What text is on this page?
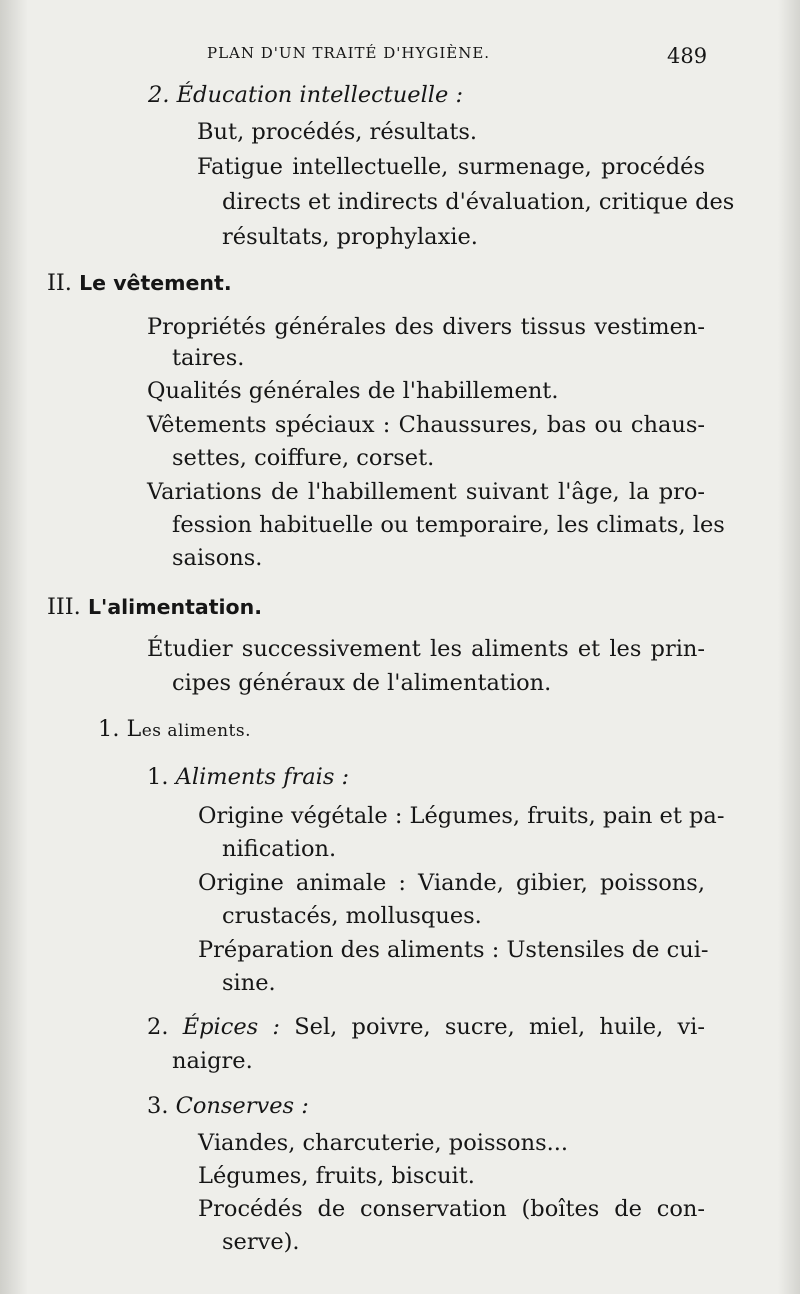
PLAN D'UN TRAITÉ D'HYGIÈNE.	489
2. Éducation intellectuelle :
But, procédés, résultats.
Fatigue intellectuelle, surmenage, procédés
directs et indirects d'évaluation, critique des
résultats, prophylaxie.
II. Le vêtement.
Propriétés générales des divers tissus vestimen-
taires.
Qualités générales de l'habillement.
Vêtements spéciaux : Chaussures, bas ou chaus-
settes, coiffure, corset.
Variations de l'habillement suivant l'âge, la pro-
fession habituelle ou temporaire, les climats, les
saisons.
III. L'alimentation.
Étudier successivement les aliments et les prin-
cipes généraux de l'alimentation.
1. Les aliments.
1. Aliments frais :
Origine végétale : Légumes, fruits, pain et pa-
nification.
Origine animale : Viande, gibier, poissons,
crustacés, mollusques.
Préparation des aliments : Ustensiles de cui-
sine.
2. Épices : Sel, poivre, sucre, miel, huile, vi-
naigre.
3. Conserves :
Viandes, charcuterie, poissons...
Légumes, fruits, biscuit.
Procédés de conservation (boîtes de con-
serve).
